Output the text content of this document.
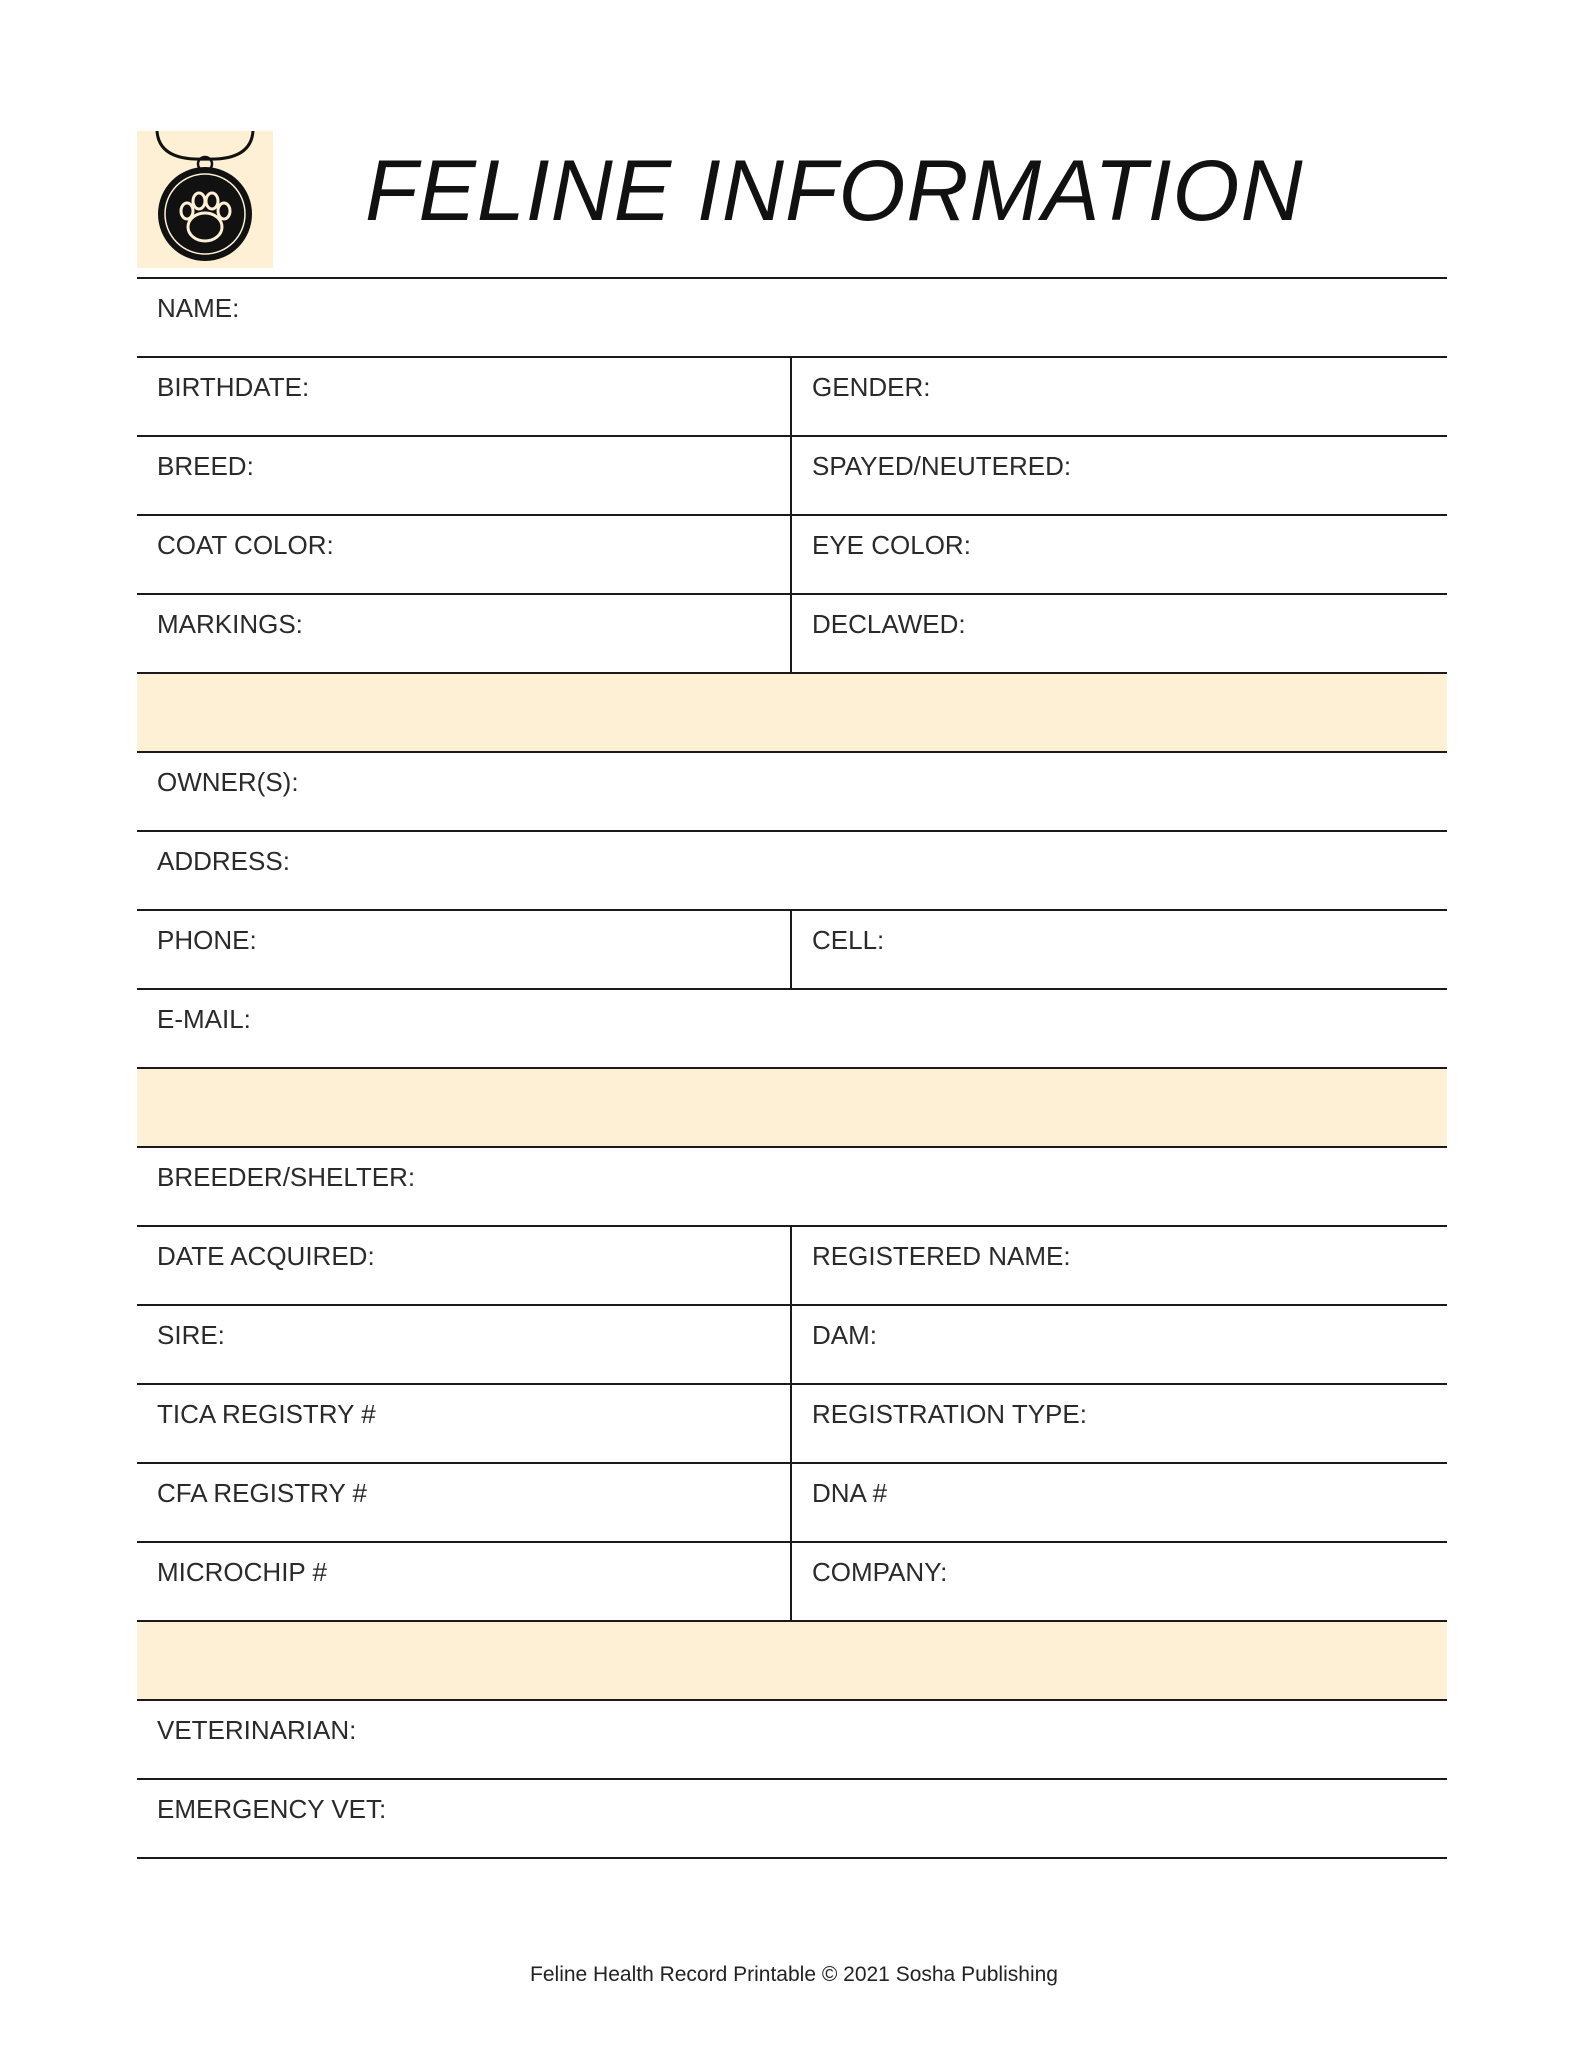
FELINE INFORMATION
NAME:
BIRTHDATE:	GENDER:
BREED:	SPAYED/NEUTERED:
COAT COLOR:	EYE COLOR:
MARKINGS:	DECLAWED:
OWNER(S):
ADDRESS:
PHONE:	CELL:
E-MAIL:
BREEDER/SHELTER:
DATE ACQUIRED:	REGISTERED NAME:
SIRE:	DAM:
TICA REGISTRY #	REGISTRATION TYPE:
CFA REGISTRY #	DNA #
MICROCHIP #	COMPANY:
VETERINARIAN:
EMERGENCY VET:
Feline Health Record Printable © 2021 Sosha Publishing
